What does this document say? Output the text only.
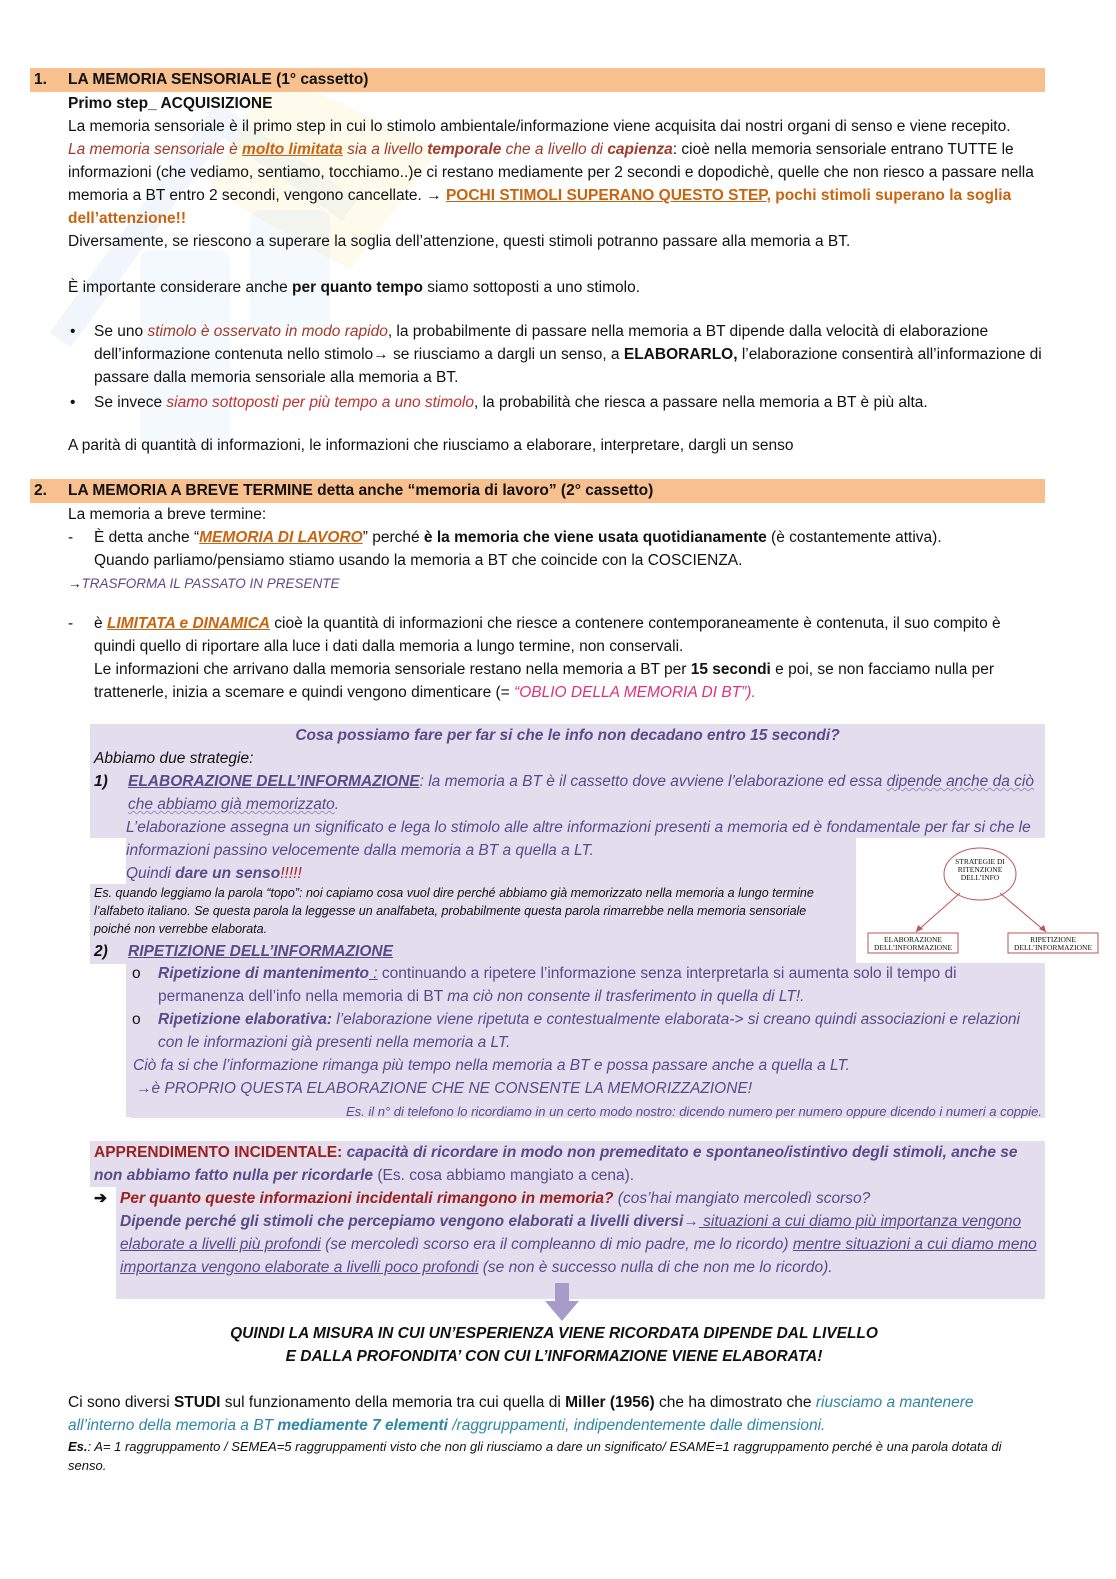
1. LA MEMORIA SENSORIALE (1° cassetto)

Primo step_ ACQUISIZIONE

La memoria sensoriale è il primo step in cui lo stimolo ambientale/informazione viene acquisita dai nostri organi di senso e viene recepito.

La memoria sensoriale è molto limitata sia a livello temporale che a livello di capienza: cioè nella memoria sensoriale entrano TUTTE le informazioni (che vediamo, sentiamo, tocchiamo..)e ci restano mediamente per 2 secondi e dopodichè, quelle che non riesco a passare nella memoria a BT entro 2 secondi, vengono cancellate. → POCHI STIMOLI SUPERANO QUESTO STEP, pochi stimoli superano la soglia dell’attenzione!!

Diversamente, se riescono a superare la soglia dell’attenzione, questi stimoli potranno passare alla memoria a BT.

È importante considerare anche per quanto tempo siamo sottoposti a uno stimolo.

• Se uno stimolo è osservato in modo rapido, la probabilmente di passare nella memoria a BT dipende dalla velocità di elaborazione dell’informazione contenuta nello stimolo→ se riusciamo a dargli un senso, a ELABORARLO, l’elaborazione consentirà all’informazione di passare dalla memoria sensoriale alla memoria a BT.
• Se invece siamo sottoposti per più tempo a uno stimolo, la probabilità che riesca a passare nella memoria a BT è più alta.
A parità di quantità di informazioni, le informazioni che riusciamo a elaborare, interpretare, dargli un senso
2. LA MEMORIA A BREVE TERMINE detta anche “memoria di lavoro” (2° cassetto)

La memoria a breve termine:

- È detta anche “MEMORIA DI LAVORO” perché è la memoria che viene usata quotidianamente (è costantemente attiva).
Quando parliamo/pensiamo stiamo usando la memoria a BT che coincide con la COSCIENZA.
→TRASFORMA IL PASSATO IN PRESENTE
- è LIMITATA e DINAMICA cioè la quantità di informazioni che riesce a contenere contemporaneamente è contenuta, il suo compito è quindi quello di riportare alla luce i dati dalla memoria a lungo termine, non conservali.
Le informazioni che arrivano dalla memoria sensoriale restano nella memoria a BT per 15 secondi e poi, se non facciamo nulla per trattenerle, inizia a scemare e quindi vengono dimenticare (= “OBLIO DELLA MEMORIA DI BT”).
Cosa possiamo fare per far si che le info non decadano entro 15 secondi?

Abbiamo due strategie:

1) ELABORAZIONE DELL’INFORMAZIONE: la memoria a BT è il cassetto dove avviene l’elaborazione ed essa dipende anche da ciò che abbiamo già memorizzato.

L’elaborazione assegna un significato e lega lo stimolo alle altre informazioni presenti a memoria ed è fondamentale per far si che le informazioni passino velocemente dalla memoria a BT a quella a LT.

Quindi dare un senso!!!!!

Es. quando leggiamo la parola “topo”: noi capiamo cosa vuol dire perché abbiamo già memorizzato nella memoria a lungo termine l’alfabeto italiano. Se questa parola la leggesse un analfabeta, probabilmente questa parola rimarrebbe nella memoria sensoriale poiché non verrebbe elaborata.
2) RIPETIZIONE DELL’INFORMAZIONE
o Ripetizione di mantenimento : continuando a ripetere l’informazione senza interpretarla si aumenta solo il tempo di permanenza dell’info nella memoria di BT ma ciò non consente il trasferimento in quella di LT!.
o Ripetizione elaborativa: l’elaborazione viene ripetuta e contestualmente elaborata-> si creano quindi associazioni e relazioni con le informazioni già presenti nella memoria a LT.

Ciò fa si che l’informazione rimanga più tempo nella memoria a BT e possa passare anche a quella a LT.

→è PROPRIO QUESTA ELABORAZIONE CHE NE CONSENTE LA MEMORIZZAZIONE!

Es. il n° di telefono lo ricordiamo in un certo modo nostro: dicendo numero per numero oppure dicendo i numeri a coppie.

STRATEGIE DI RITENZIONE DELL’INFO
ELABORAZIONE DELL’INFORMAZIONE
RIPETIZIONE DELL’INFORMAZIONE
APPRENDIMENTO INCIDENTALE: capacità di ricordare in modo non premeditato e spontaneo/istintivo degli stimoli, anche se non abbiamo fatto nulla per ricordarle (Es. cosa abbiamo mangiato a cena).
➔ Per quanto queste informazioni incidentali rimangono in memoria? (cos’hai mangiato mercoledì scorso?
Dipende perché gli stimoli che percepiamo vengono elaborati a livelli diversi→ situazioni a cui diamo più importanza vengono elaborate a livelli più profondi (se mercoledì scorso era il compleanno di mio padre, me lo ricordo) mentre situazioni a cui diamo meno importanza vengono elaborate a livelli poco profondi (se non è successo nulla di che non me lo ricordo).

QUINDI LA MISURA IN CUI UN’ESPERIENZA VIENE RICORDATA DIPENDE DAL LIVELLO

E DALLA PROFONDITA’ CON CUI L’INFORMAZIONE VIENE ELABORATA!

Ci sono diversi STUDI sul funzionamento della memoria tra cui quella di Miller (1956) che ha dimostrato che riusciamo a mantenere all’interno della memoria a BT mediamente 7 elementi /raggruppamenti, indipendentemente dalle dimensioni.
Es.: A= 1 raggruppamento / SEMEA=5 raggruppamenti visto che non gli riusciamo a dare un significato/ ESAME=1 raggruppamento perché è una parola dotata di senso.
